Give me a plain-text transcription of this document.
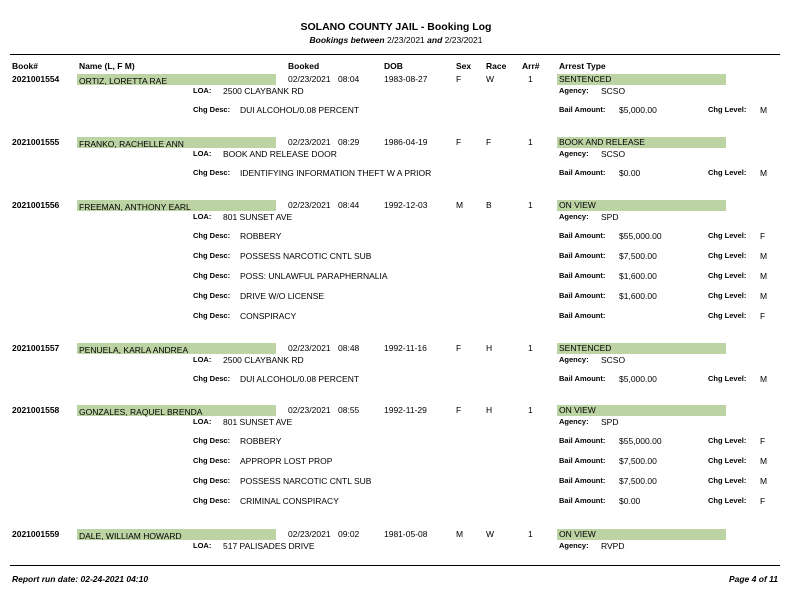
SOLANO COUNTY JAIL - Booking Log
Bookings between 2/23/2021 and 2/23/2021
Book#	Name (L, F M)	Booked	DOB	Sex Race Arr# Arrest Type
2021001554 ORTIZ, LORETTA RAE	02/23/2021 08:04	1983-08-27	F	W	1	SENTENCED
LOA: 2500 CLAYBANK RD	Agency: SCSO
Chg Desc: DUI ALCOHOL/0.08 PERCENT	Bail Amount: $5,000.00	Chg Level: M
2021001555 FRANKO, RACHELLE ANN	02/23/2021 08:29	1986-04-19	F	F	1	BOOK AND RELEASE
LOA: BOOK AND RELEASE DOOR	Agency: SCSO
Chg Desc: IDENTIFYING INFORMATION THEFT W A PRIOR	Bail Amount: $0.00	Chg Level: M
2021001556 FREEMAN, ANTHONY EARL	02/23/2021 08:44	1992-12-03	M	B	1	ON VIEW
LOA: 801 SUNSET AVE	Agency: SPD
Chg Desc: ROBBERY	Bail Amount: $55,000.00	Chg Level: F
Chg Desc: POSSESS NARCOTIC CNTL SUB	Bail Amount: $7,500.00	Chg Level: M
Chg Desc: POSS: UNLAWFUL PARAPHERNALIA	Bail Amount: $1,600.00	Chg Level: M
Chg Desc: DRIVE W/O LICENSE	Bail Amount: $1,600.00	Chg Level: M
Chg Desc: CONSPIRACY	Bail Amount:	Chg Level: F
2021001557 PENUELA, KARLA ANDREA	02/23/2021 08:48	1992-11-16	F	H	1	SENTENCED
LOA: 2500 CLAYBANK RD	Agency: SCSO
Chg Desc: DUI ALCOHOL/0.08 PERCENT	Bail Amount: $5,000.00	Chg Level: M
2021001558 GONZALES, RAQUEL BRENDA	02/23/2021 08:55	1992-11-29	F	H	1	ON VIEW
LOA: 801 SUNSET AVE	Agency: SPD
Chg Desc: ROBBERY	Bail Amount: $55,000.00	Chg Level: F
Chg Desc: APPROPR LOST PROP	Bail Amount: $7,500.00	Chg Level: M
Chg Desc: POSSESS NARCOTIC CNTL SUB	Bail Amount: $7,500.00	Chg Level: M
Chg Desc: CRIMINAL CONSPIRACY	Bail Amount: $0.00	Chg Level: F
2021001559 DALE, WILLIAM HOWARD	02/23/2021 09:02	1981-05-08	M	W	1	ON VIEW
LOA: 517 PALISADES DRIVE	Agency: RVPD
Report run date: 02-24-2021 04:10	Page 4 of 11
